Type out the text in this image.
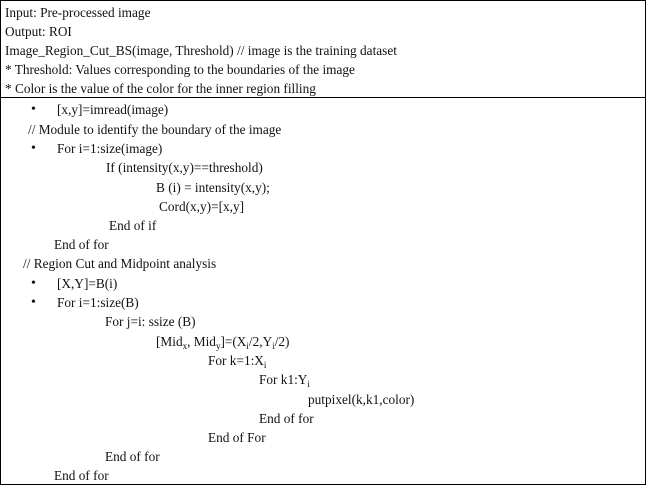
Input: Pre-processed image
Output: ROI
Image_Region_Cut_BS(image, Threshold) // image is the training dataset
* Threshold: Values corresponding to the boundaries of the image
* Color is the value of the color for the inner region filling
• [x,y]=imread(image)
// Module to identify the boundary of the image
• For i=1:size(image)
If (intensity(x,y)==threshold)
B (i) = intensity(x,y);
Cord(x,y)=[x,y]
End of if
End of for
// Region Cut and Midpoint analysis
• [X,Y]=B(i)
• For i=1:size(B)
For j=i: ssize (B)
[Mid$_x$, $Mid_y]=(X_i/2,Y_i/2)$
For $k=1:X_i$
For $k1:Y_i$
putpixel(k,k1,color)
End of for
End of For
End of for
End of for
